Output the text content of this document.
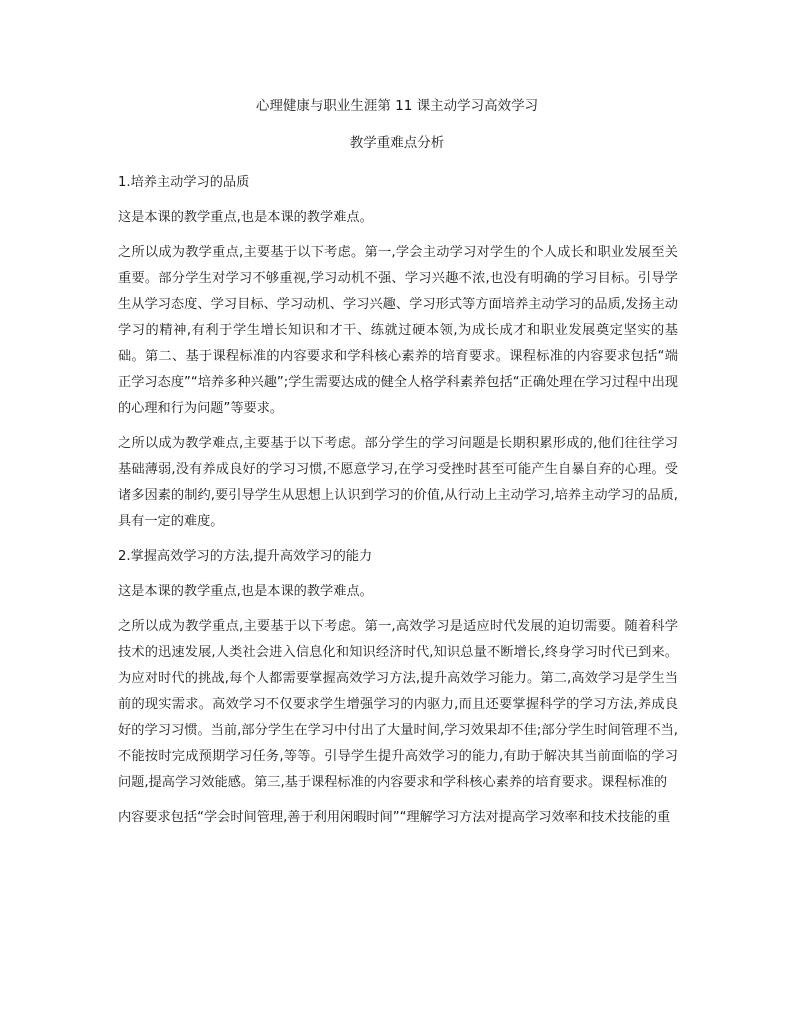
心理健康与职业生涯第 11 课主动学习高效学习
教学重难点分析

1.培养主动学习的品质

这是本课的教学重点,也是本课的教学难点。

之所以成为教学重点,主要基于以下考虑。第一,学会主动学习对学生的个人成长和职业发展至关重要。部分学生对学习不够重视,学习动机不强、学习兴趣不浓,也没有明确的学习目标。引导学生从学习态度、学习目标、学习动机、学习兴趣、学习形式等方面培养主动学习的品质,发扬主动学习的精神,有利于学生增长知识和才干、练就过硬本领,为成长成才和职业发展奠定坚实的基础。第二、基于课程标准的内容要求和学科核心素养的培育要求。课程标准的内容要求包括“端正学习态度”“培养多种兴趣”;学生需要达成的健全人格学科素养包括“正确处理在学习过程中出现的心理和行为问题”等要求。

之所以成为教学难点,主要基于以下考虑。部分学生的学习问题是长期积累形成的,他们往往学习基础薄弱,没有养成良好的学习习惯,不愿意学习,在学习受挫时甚至可能产生自暴自弃的心理。受诸多因素的制约,要引导学生从思想上认识到学习的价值,从行动上主动学习,培养主动学习的品质,具有一定的难度。

2.掌握高效学习的方法,提升高效学习的能力

这是本课的教学重点,也是本课的教学难点。

之所以成为教学重点,主要基于以下考虑。第一,高效学习是适应时代发展的迫切需要。随着科学技术的迅速发展,人类社会进入信息化和知识经济时代,知识总量不断增长,终身学习时代已到来。为应对时代的挑战,每个人都需要掌握高效学习方法,提升高效学习能力。第二,高效学习是学生当前的现实需求。高效学习不仅要求学生增强学习的内驱力,而且还要掌握科学的学习方法,养成良好的学习习惯。当前,部分学生在学习中付出了大量时间,学习效果却不佳;部分学生时间管理不当,不能按时完成预期学习任务,等等。引导学生提升高效学习的能力,有助于解决其当前面临的学习问题,提高学习效能感。第三,基于课程标准的内容要求和学科核心素养的培育要求。课程标准的

内容要求包括“学会时间管理,善于利用闲暇时间”“理解学习方法对提高学习效率和技术技能的重
